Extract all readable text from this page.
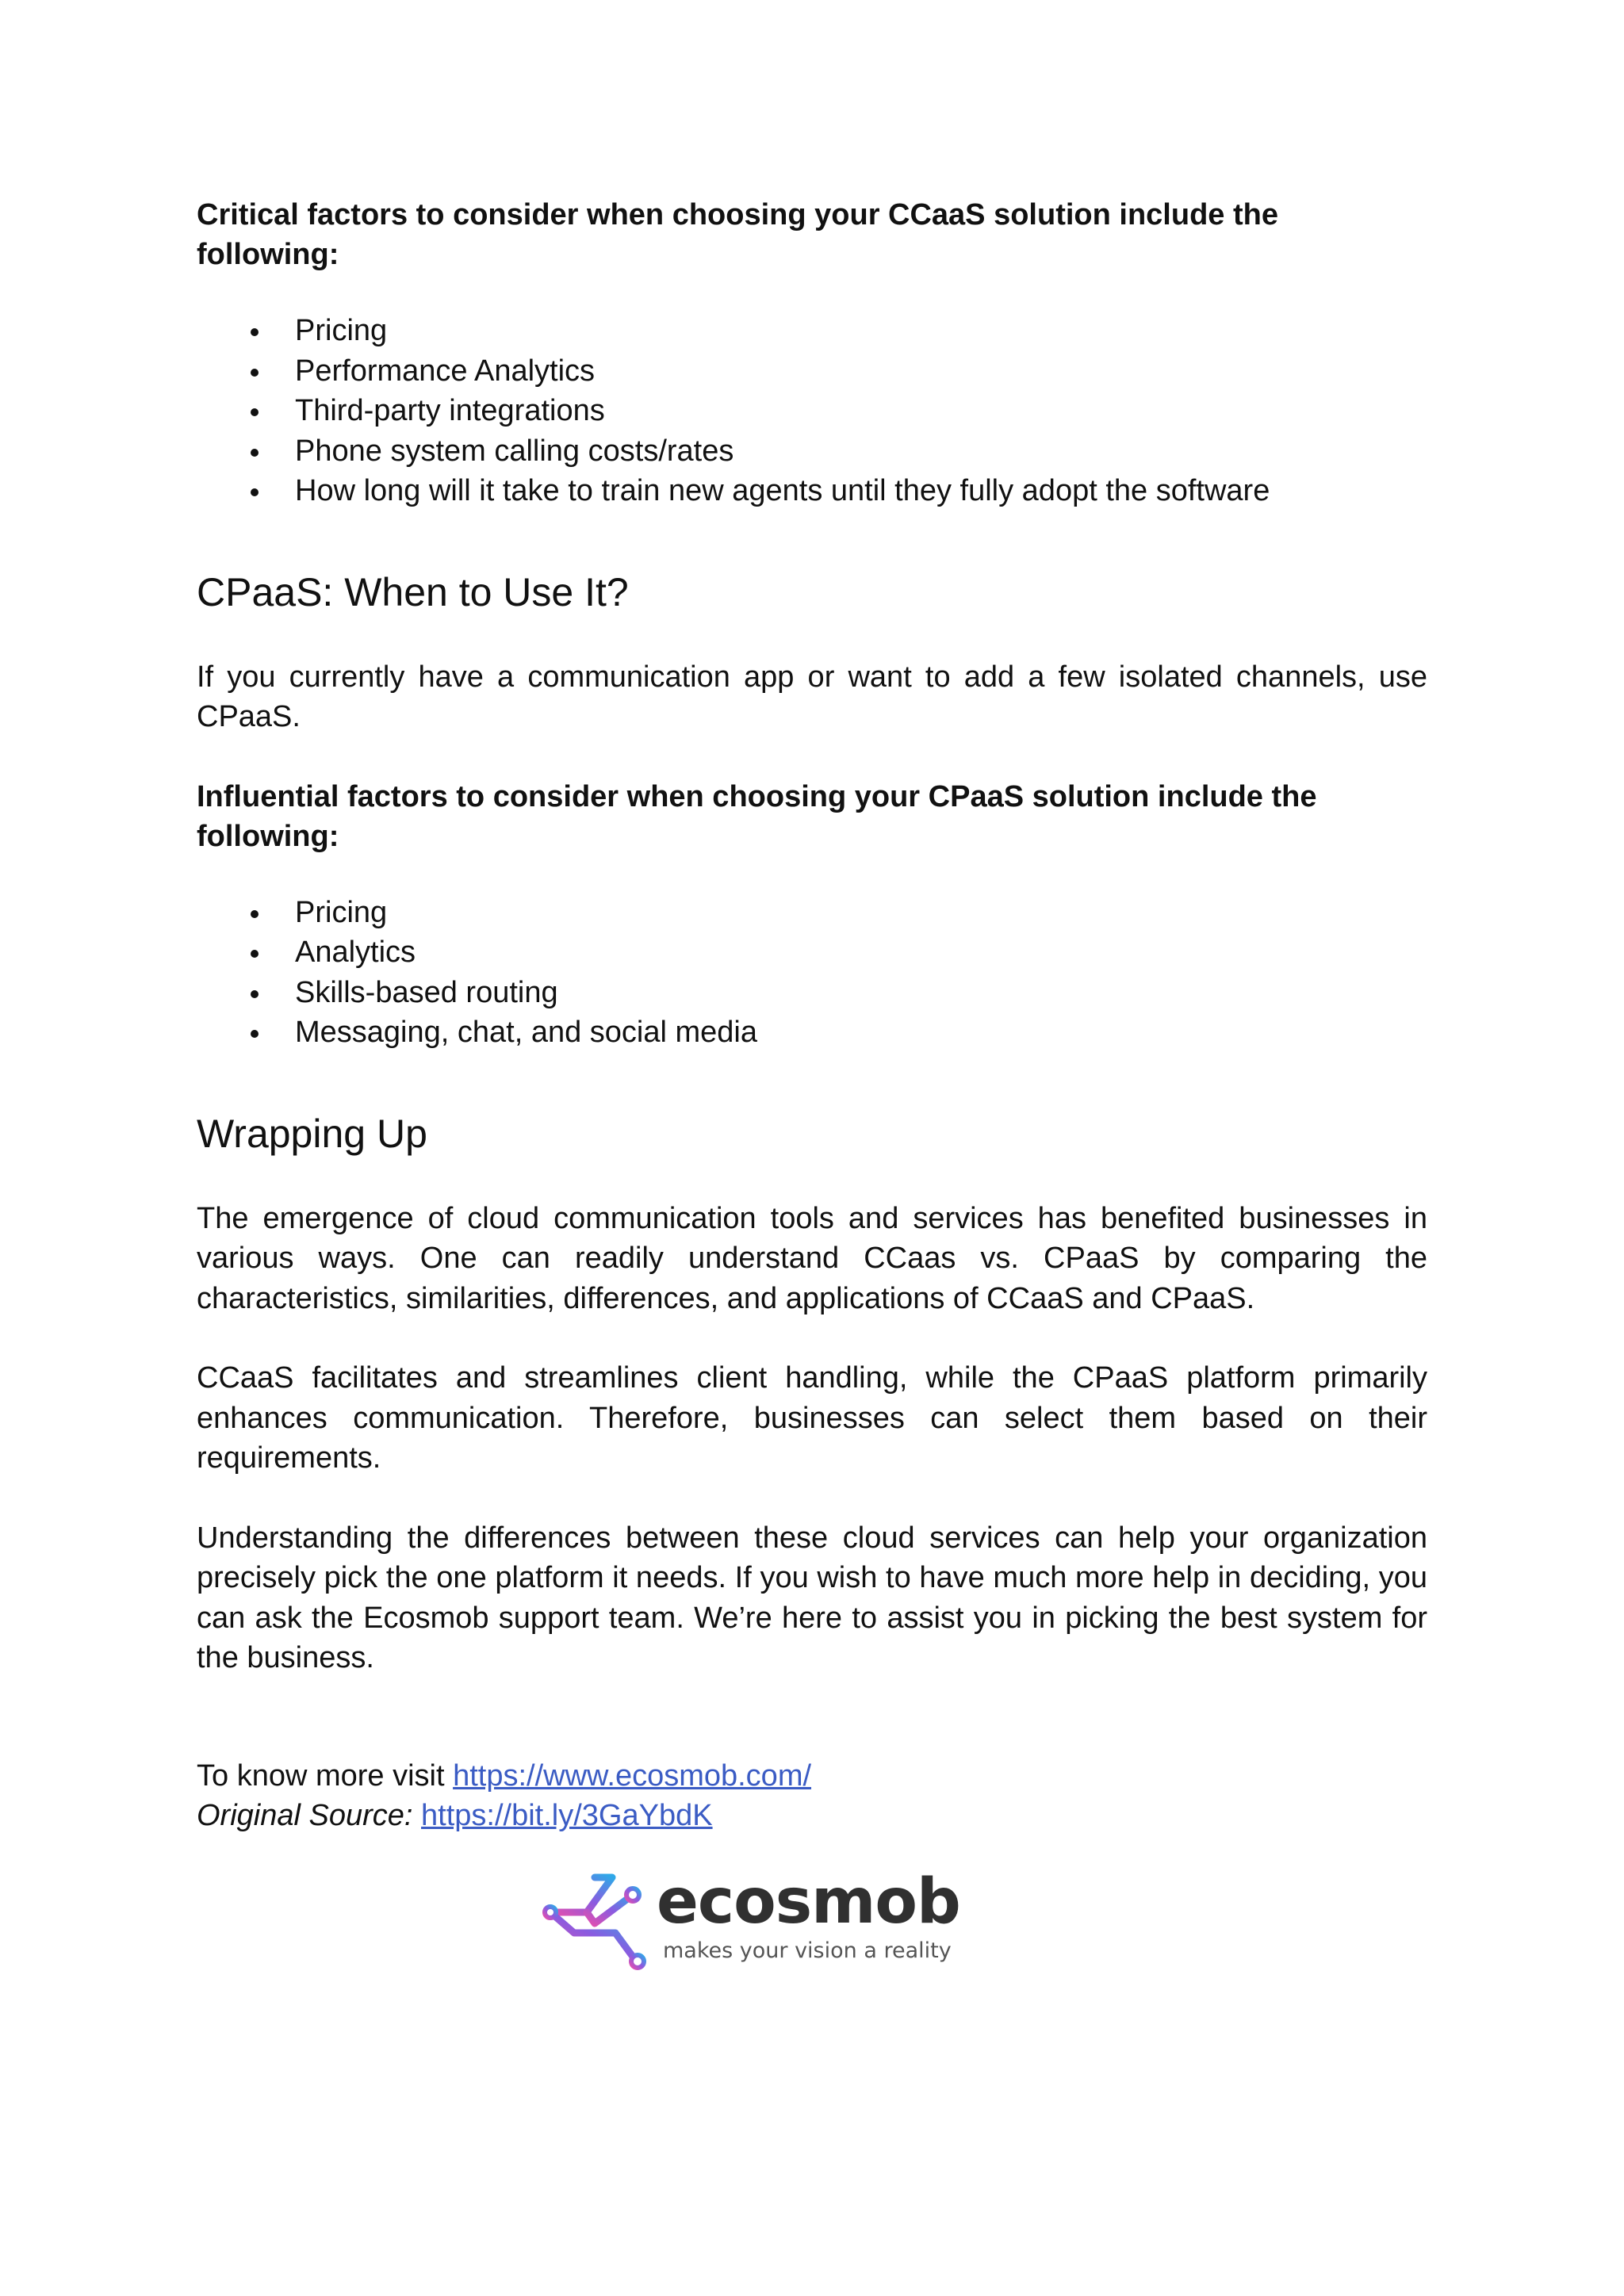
Critical factors to consider when choosing your CCaaS solution include the following:

Pricing
Performance Analytics
Third-party integrations
Phone system calling costs/rates
How long will it take to train new agents until they fully adopt the software
CPaaS: When to Use It?

If you currently have a communication app or want to add a few isolated channels, use CPaaS.

Influential factors to consider when choosing your CPaaS solution include the following:

Pricing
Analytics
Skills-based routing
Messaging, chat, and social media
Wrapping Up

The emergence of cloud communication tools and services has benefited businesses in various ways. One can readily understand CCaas vs. CPaaS by comparing the characteristics, similarities, differences, and applications of CCaaS and CPaaS.

CCaaS facilitates and streamlines client handling, while the CPaaS platform primarily enhances communication. Therefore, businesses can select them based on their requirements.

Understanding the differences between these cloud services can help your organization precisely pick the one platform it needs. If you wish to have much more help in deciding, you can ask the Ecosmob support team. We’re here to assist you in picking the best system for the business.

To know more visit https://www.ecosmob.com/

Original Source: https://bit.ly/3GaYbdK

ecosmob
makes your vision a reality
